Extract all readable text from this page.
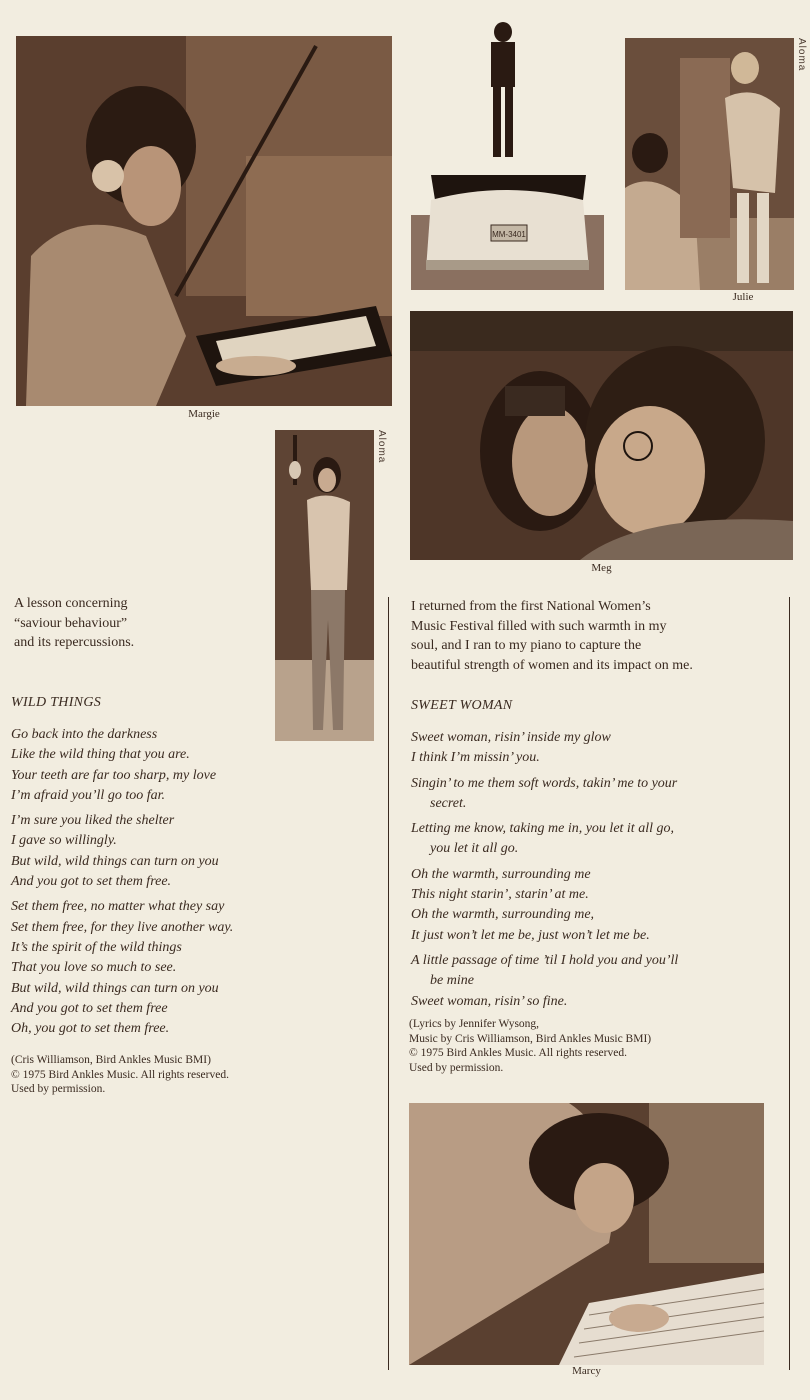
Margie
MM-3401
Julie
Aloma
Meg
Aloma
Marcy
A lesson concerning
“saviour behaviour”
and its repercussions.
WILD THINGS
Go back into the darkness
Like the wild thing that you are.
Your teeth are far too sharp, my love
I’m afraid you’ll go too far.
I’m sure you liked the shelter
I gave so willingly.
But wild, wild things can turn on you
And you got to set them free.
Set them free, no matter what they say
Set them free, for they live another way.
It’s the spirit of the wild things
That you love so much to see.
But wild, wild things can turn on you
And you got to set them free
Oh, you got to set them free.
(Cris Williamson, Bird Ankles Music BMI)
© 1975 Bird Ankles Music. All rights reserved.
Used by permission.
I returned from the first National Women’s
Music Festival filled with such warmth in my
soul, and I ran to my piano to capture the
beautiful strength of women and its impact on me.
SWEET WOMAN
Sweet woman, risin’ inside my glow
I think I’m missin’ you.
Singin’ to me them soft words, takin’ me to your
secret.
Letting me know, taking me in, you let it all go,
you let it all go.
Oh the warmth, surrounding me
This night starin’, starin’ at me.
Oh the warmth, surrounding me,
It just won’t let me be, just won’t let me be.
A little passage of time ’til I hold you and you’ll
be mine
Sweet woman, risin’ so fine.
(Lyrics by Jennifer Wysong,
Music by Cris Williamson, Bird Ankles Music BMI)
© 1975 Bird Ankles Music. All rights reserved.
Used by permission.
